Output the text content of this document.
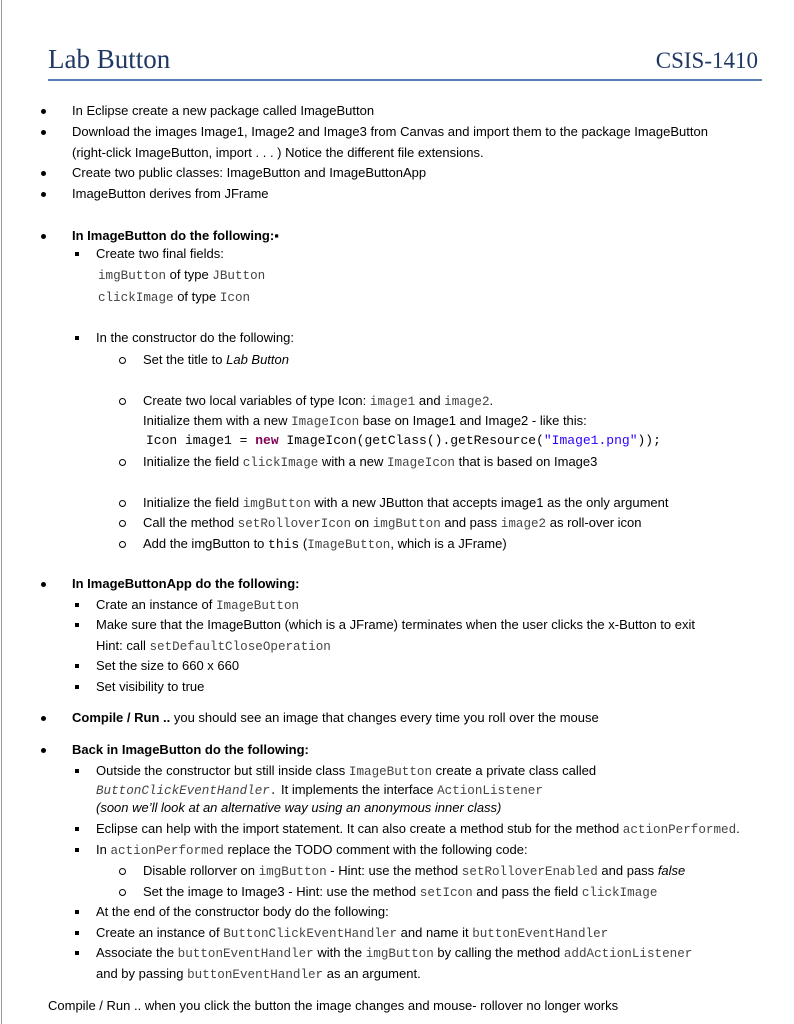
Lab Button	CSIS-1410
In Eclipse create a new package called ImageButton
Download the images Image1, Image2 and Image3 from Canvas and import them to the package ImageButton
(right-click ImageButton, import . . . ) Notice the different file extensions.
Create two public classes: ImageButton and ImageButtonApp
ImageButton derives from JFrame
In ImageButton do the following:▪
Create two final fields:
imgButton of type JButton
clickImage of type Icon
In the constructor do the following:
Set the title to Lab Button
Create two local variables of type Icon: image1 and image2.
Initialize them with a new ImageIcon base on Image1 and Image2 - like this:
Icon image1 = new ImageIcon(getClass().getResource("Image1.png"));
Initialize the field clickImage with a new ImageIcon that is based on Image3
Initialize the field imgButton with a new JButton that accepts image1 as the only argument
Call the method setRolloverIcon on imgButton and pass image2 as roll-over icon
Add the imgButton to this (ImageButton, which is a JFrame)
In ImageButtonApp do the following:
Crate an instance of ImageButton
Make sure that the ImageButton (which is a JFrame) terminates when the user clicks the x-Button to exit
Hint: call setDefaultCloseOperation
Set the size to 660 x 660
Set visibility to true
Compile / Run .. you should see an image that changes every time you roll over the mouse
Back in ImageButton do the following:
Outside the constructor but still inside class ImageButton create a private class called
ButtonClickEventHandler. It implements the interface ActionListener
(soon we’ll look at an alternative way using an anonymous inner class)
Eclipse can help with the import statement. It can also create a method stub for the method actionPerformed.
In actionPerformed replace the TODO comment with the following code:
Disable rollorver on imgButton - Hint: use the method setRolloverEnabled and pass false
Set the image to Image3 - Hint: use the method setIcon and pass the field clickImage
At the end of the constructor body do the following:
Create an instance of ButtonClickEventHandler and name it buttonEventHandler
Associate the buttonEventHandler with the imgButton by calling the method addActionListener
and by passing buttonEventHandler as an argument.
Compile / Run .. when you click the button the image changes and mouse- rollover no longer works
